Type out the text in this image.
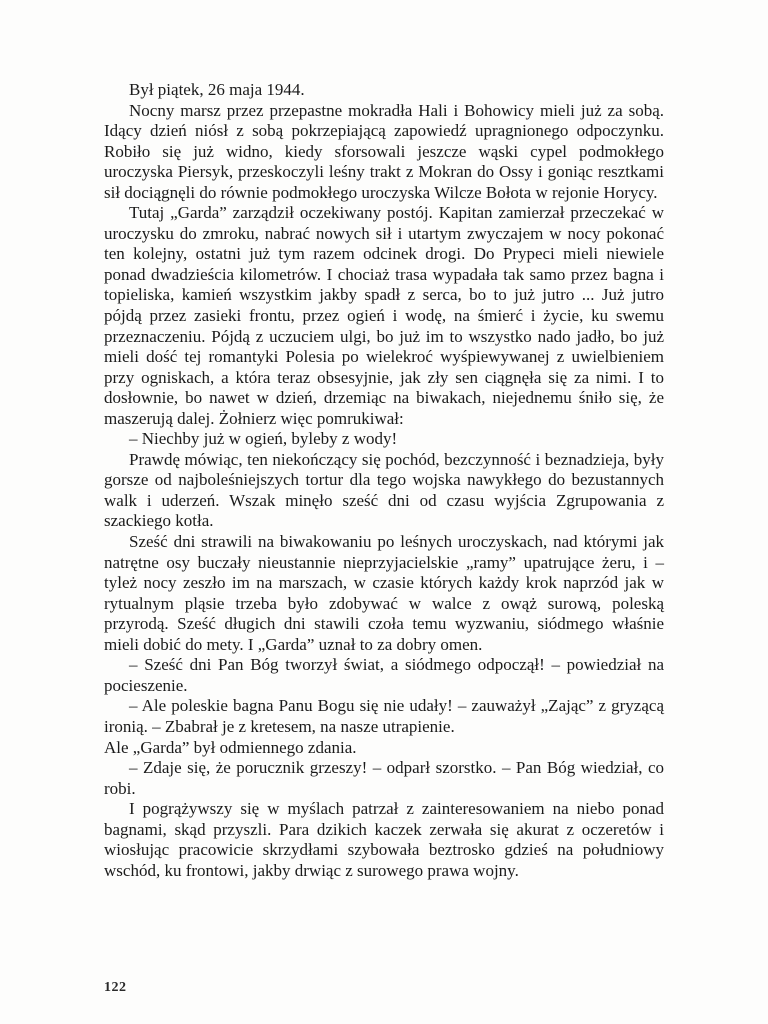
Był piątek, 26 maja 1944.

Nocny marsz przez przepastne mokradła Hali i Bohowicy mieli już za sobą. Idący dzień niósł z sobą pokrzepiającą zapowiedź upragnionego odpoczynku. Robiło się już widno, kiedy sforsowali jeszcze wąski cypel podmokłego uroczyska Piersyk, przeskoczyli leśny trakt z Mokran do Ossy i goniąc resztkami sił dociągnęli do równie podmokłego uroczyska Wilcze Bołota w rejonie Horycy.

Tutaj „Garda” zarządził oczekiwany postój. Kapitan zamierzał przeczekać w uroczysku do zmroku, nabrać nowych sił i utartym zwyczajem w nocy pokonać ten kolejny, ostatni już tym razem odcinek drogi. Do Prypeci mieli niewiele ponad dwadzieścia kilometrów. I chociaż trasa wypadała tak samo przez bagna i topieliska, kamień wszystkim jakby spadł z serca, bo to już jutro ... Już jutro pójdą przez zasieki frontu, przez ogień i wodę, na śmierć i życie, ku swemu przeznaczeniu. Pójdą z uczuciem ulgi, bo już im to wszystko nado jadło, bo już mieli dość tej romantyki Polesia po wielekroć wyśpiewywanej z uwielbieniem przy ogniskach, a która teraz obsesyjnie, jak zły sen ciągnęła się za nimi. I to dosłownie, bo nawet w dzień, drzemiąc na biwakach, niejednemu śniło się, że maszerują dalej. Żołnierz więc pomrukiwał:

– Niechby już w ogień, byleby z wody!

Prawdę mówiąc, ten niekończący się pochód, bezczynność i beznadzieja, były gorsze od najboleśniejszych tortur dla tego wojska nawykłego do bezustannych walk i uderzeń. Wszak minęło sześć dni od czasu wyjścia Zgrupowania z szackiego kotła.

Sześć dni strawili na biwakowaniu po leśnych uroczyskach, nad którymi jak natrętne osy buczały nieustannie nieprzyjacielskie „ramy” upatrujące żeru, i – tyleż nocy zeszło im na marszach, w czasie których każdy krok naprzód jak w rytualnym pląsie trzeba było zdobywać w walce z owąż surową, poleską przyrodą. Sześć długich dni stawili czoła temu wyzwaniu, siódmego właśnie mieli dobić do mety. I „Garda” uznał to za dobry omen.

– Sześć dni Pan Bóg tworzył świat, a siódmego odpoczął! – powiedział na pocieszenie.

– Ale poleskie bagna Panu Bogu się nie udały! – zauważył „Zając” z gryzącą ironią. – Zbabrał je z kretesem, na nasze utrapienie.

Ale „Garda” był odmiennego zdania.

– Zdaje się, że porucznik grzeszy! – odparł szorstko. – Pan Bóg wiedział, co robi.

I pogrążywszy się w myślach patrzał z zainteresowaniem na niebo ponad bagnami, skąd przyszli. Para dzikich kaczek zerwała się akurat z oczeretów i wiosłując pracowicie skrzydłami szybowała beztrosko gdzieś na południowy wschód, ku frontowi, jakby drwiąc z surowego prawa wojny.

122
